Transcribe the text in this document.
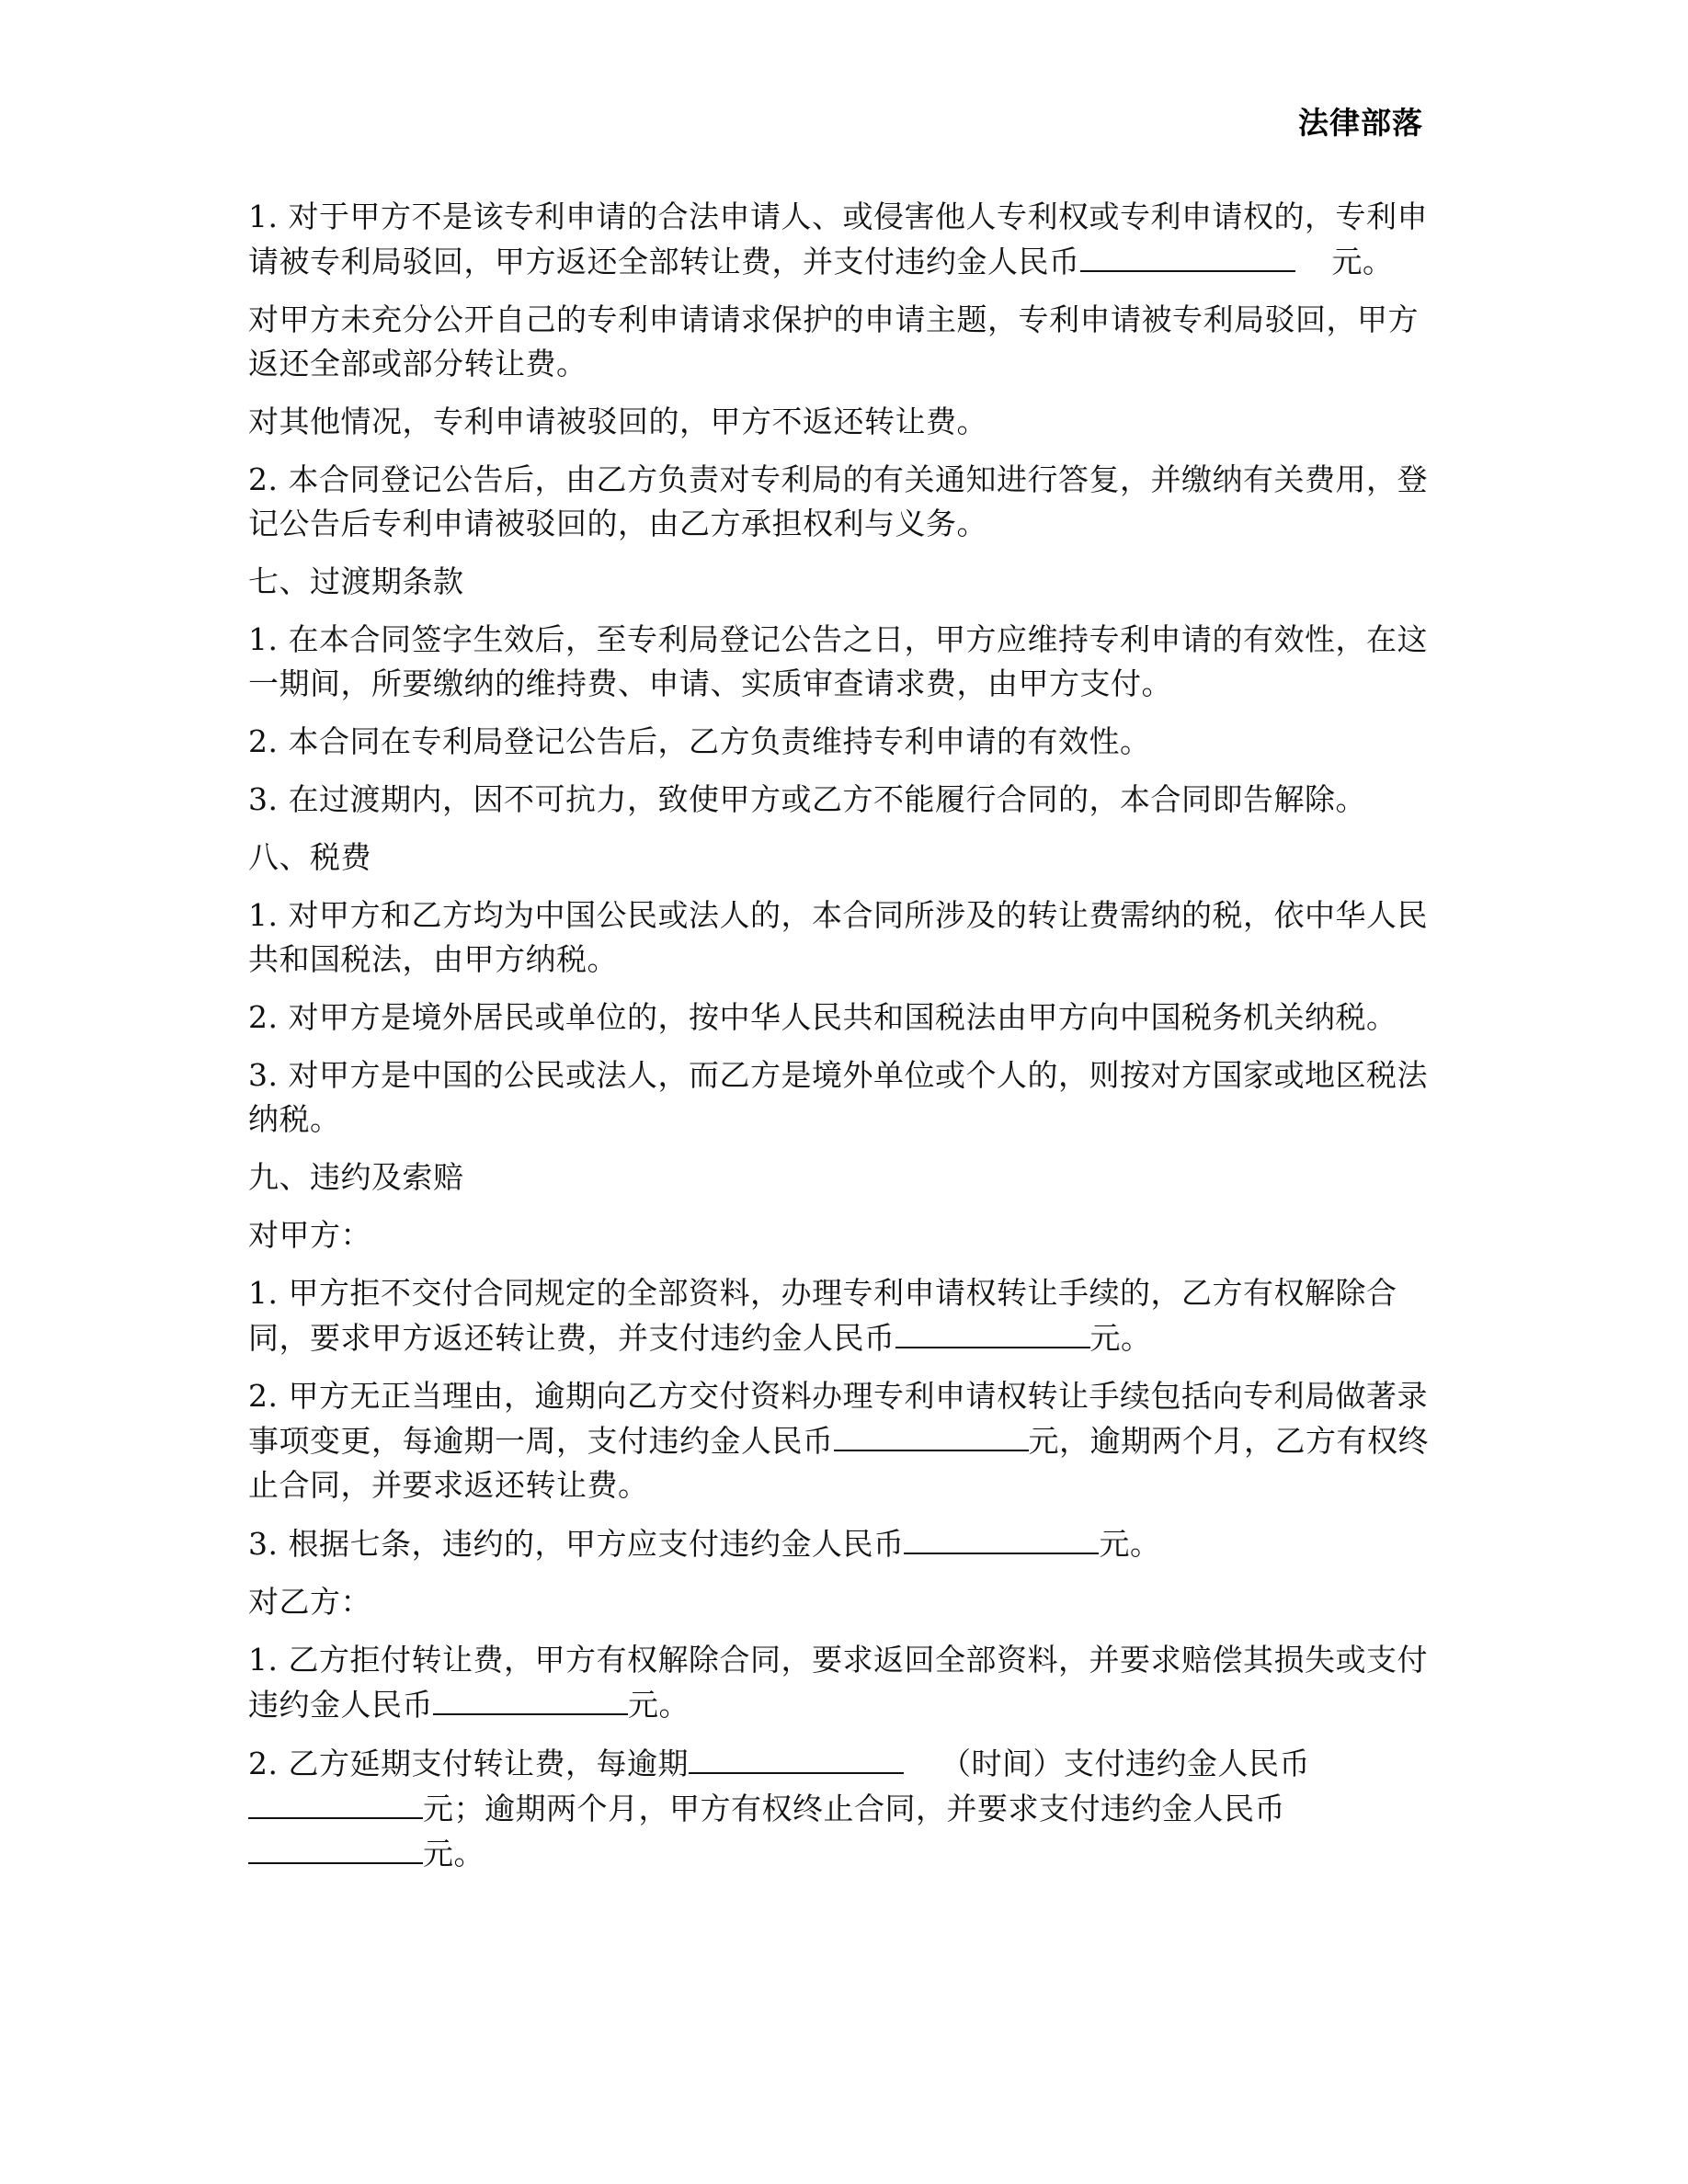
法律部落

1. 对于甲方不是该专利申请的合法申请人、或侵害他人专利权或专利申请权的，专利申请被专利局驳回，甲方返还全部转让费，并支付违约金人民币	元。

对甲方未充分公开自己的专利申请请求保护的申请主题，专利申请被专利局驳回，甲方返还全部或部分转让费。

对其他情况，专利申请被驳回的，甲方不返还转让费。

2. 本合同登记公告后，由乙方负责对专利局的有关通知进行答复，并缴纳有关费用，登记公告后专利申请被驳回的，由乙方承担权利与义务。

七、过渡期条款

1. 在本合同签字生效后，至专利局登记公告之日，甲方应维持专利申请的有效性，在这一期间，所要缴纳的维持费、申请、实质审查请求费，由甲方支付。

2. 本合同在专利局登记公告后，乙方负责维持专利申请的有效性。

3. 在过渡期内，因不可抗力，致使甲方或乙方不能履行合同的，本合同即告解除。

八、税费

1. 对甲方和乙方均为中国公民或法人的，本合同所涉及的转让费需纳的税，依中华人民共和国税法，由甲方纳税。

2. 对甲方是境外居民或单位的，按中华人民共和国税法由甲方向中国税务机关纳税。

3. 对甲方是中国的公民或法人，而乙方是境外单位或个人的，则按对方国家或地区税法纳税。

九、违约及索赔

对甲方：

1. 甲方拒不交付合同规定的全部资料，办理专利申请权转让手续的，乙方有权解除合同，要求甲方返还转让费，并支付违约金人民币	元。

2. 甲方无正当理由，逾期向乙方交付资料办理专利申请权转让手续包括向专利局做著录事项变更，每逾期一周，支付违约金人民币	元，逾期两个月，乙方有权终止合同，并要求返还转让费。

3. 根据七条，违约的，甲方应支付违约金人民币	元。

对乙方：

1. 乙方拒付转让费，甲方有权解除合同，要求返回全部资料，并要求赔偿其损失或支付违约金人民币	元。

2. 乙方延期支付转让费，每逾期	（时间）支付违约金人民币元；逾期两个月，甲方有权终止合同，并要求支付违约金人民币元。
